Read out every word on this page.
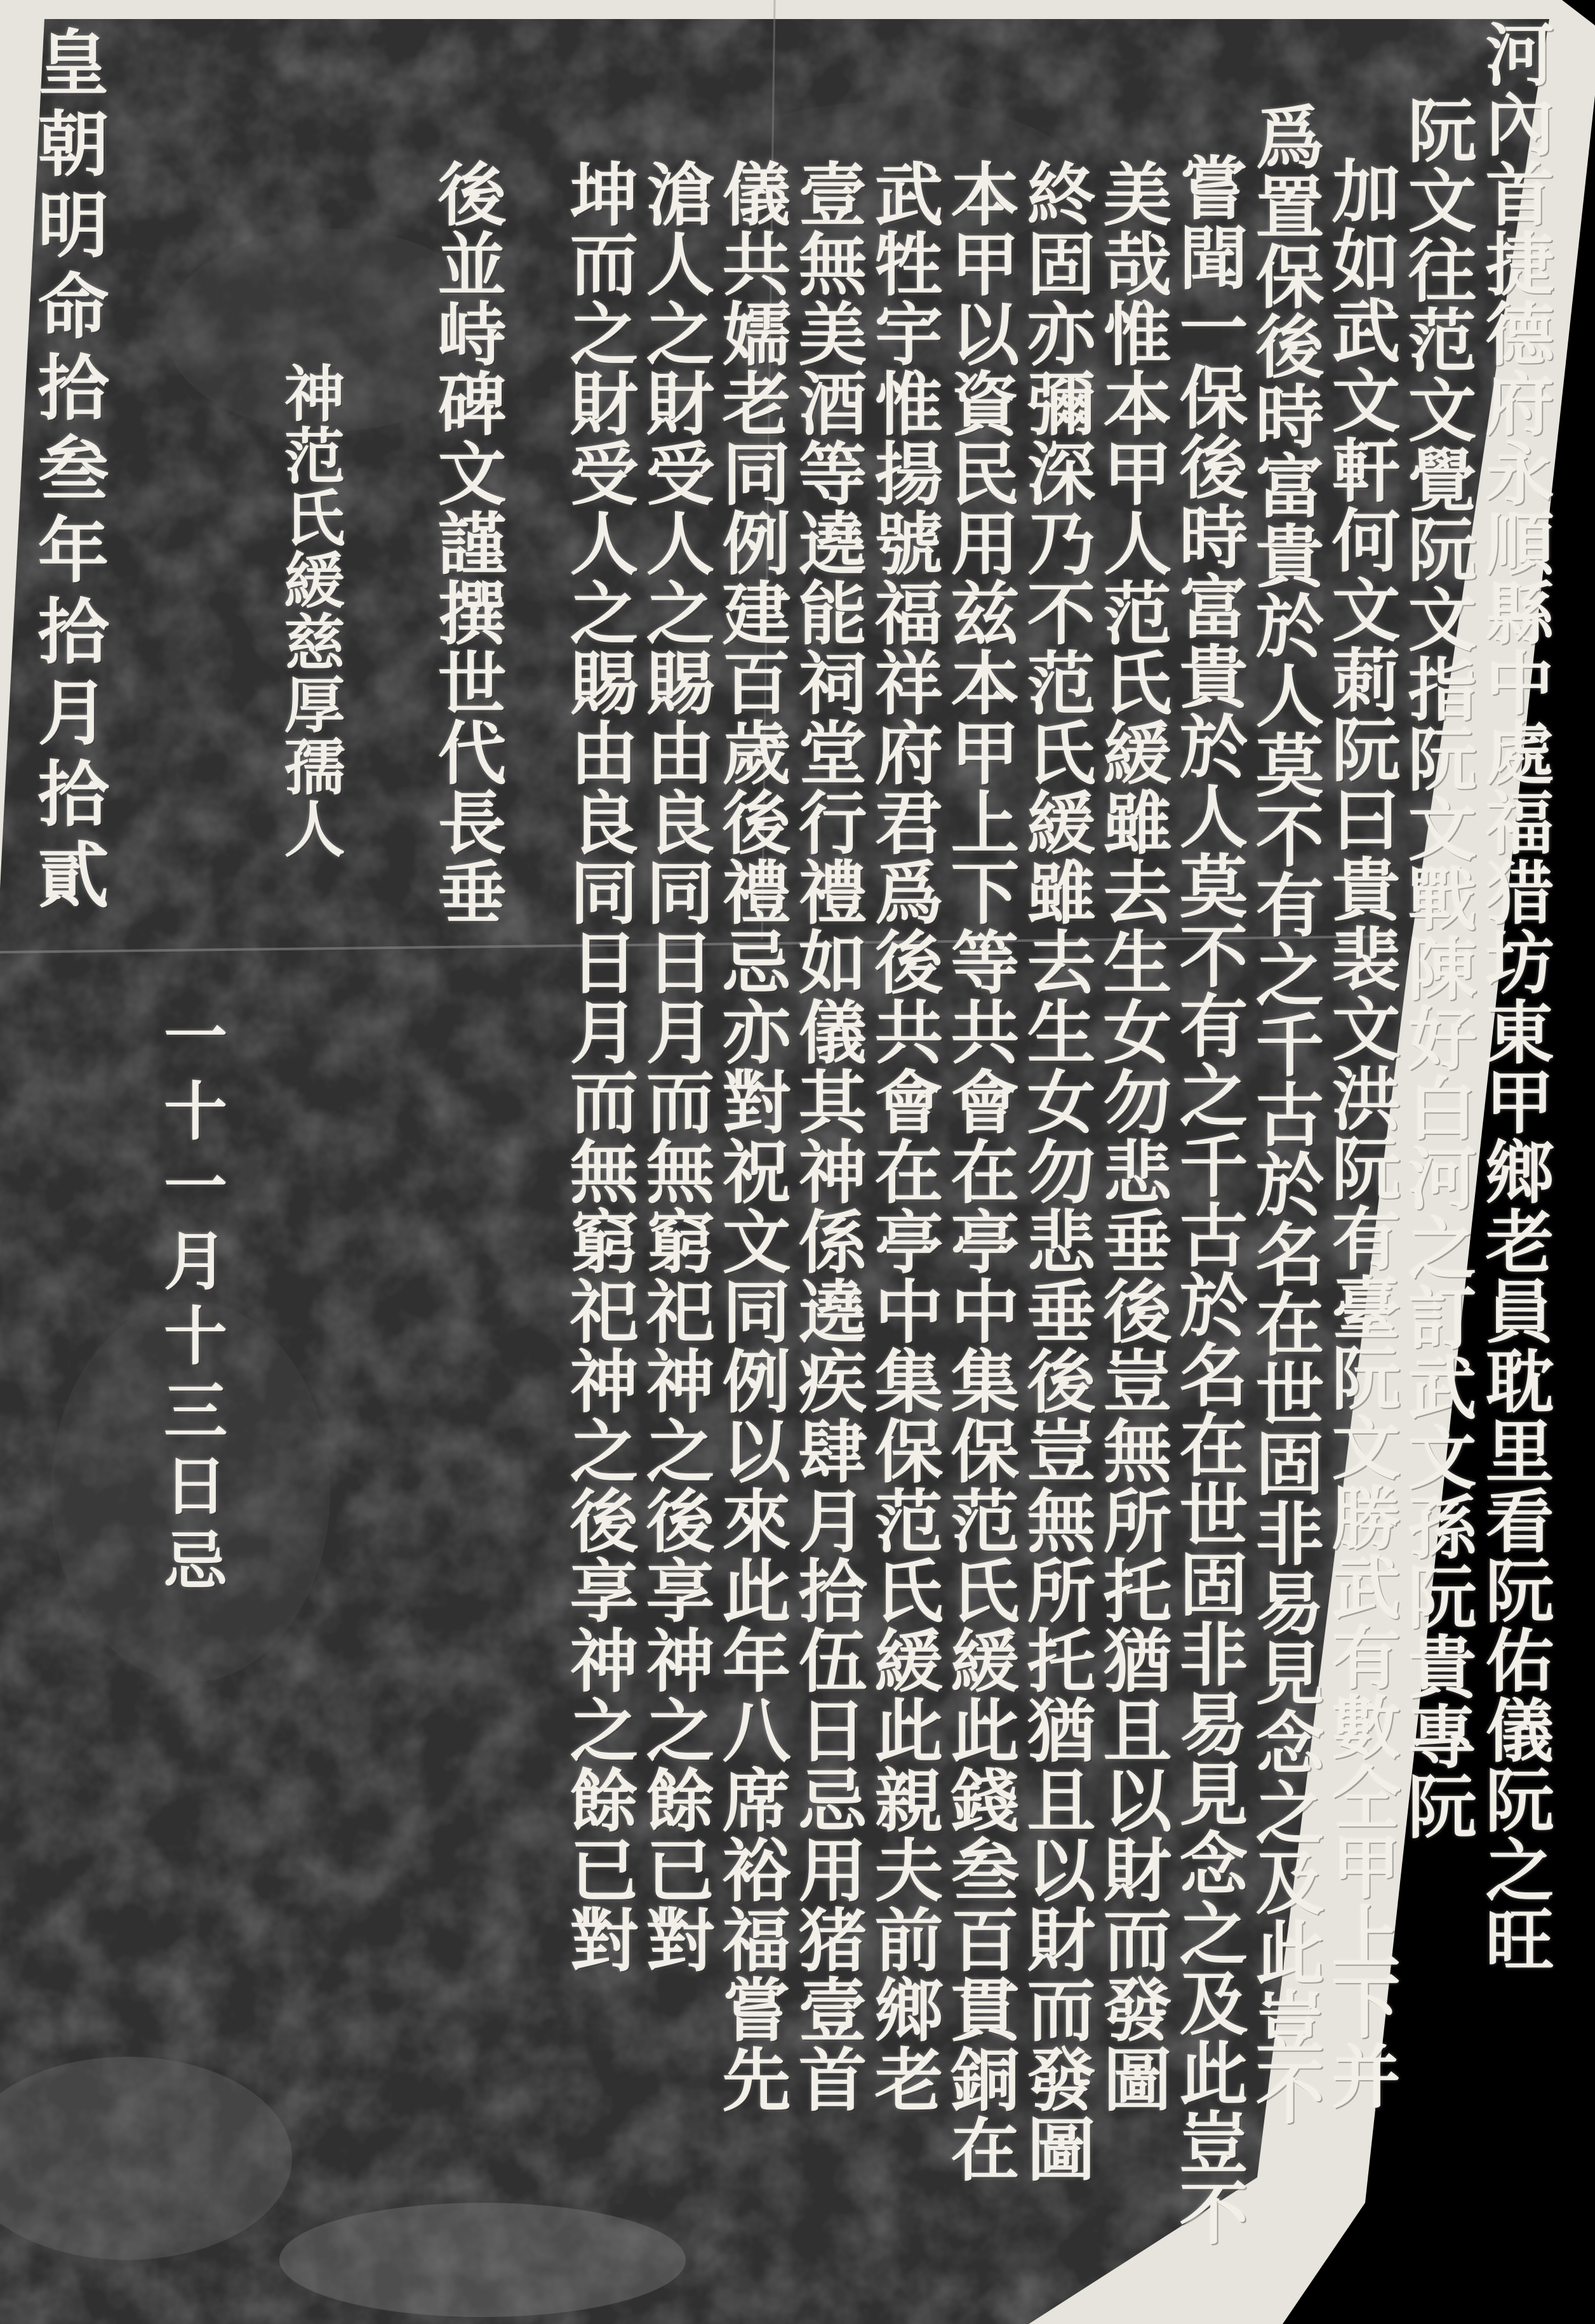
河內首捷德府永順縣中處福猎坊東甲鄉老員耽里看阮佑儀阮之旺
阮文往范文覺阮文指阮文戰陳好白河之訂武文孫阮貴專阮
加如武文軒何文莿阮曰貴裴文洪阮有臺阮文勝武有數仝甲上下并
爲置保後時富貴於人莫不有之千古於名在世固非易見念之及此豈不
嘗聞一保後時富貴於人莫不有之千古於名在世固非易見念之及此豈不
美哉惟本甲人范氏緩雖去生女勿悲垂後豈無所托猶且以財而發圖
終固亦彌深乃不范氏緩雖去生女勿悲垂後豈無所托猶且以財而發圖
本甲以資民用兹本甲上下等共會在亭中集保范氏緩此錢叁百貫銅在
武牲宇惟揚號福祥府君爲後共會在亭中集保范氏緩此親夫前鄉老
壹無美酒等遶能祠堂行禮如儀其神係遶疾肆月拾伍日忌用猪壹首
儀共嬬老同例建百歲後禮忌亦對祝文同例以來此年八席裕福嘗先
滄人之財受人之賜由良同日月而無窮祀神之後享神之餘已對
坤而之財受人之賜由良同日月而無窮祀神之後享神之餘已對
後並峙碑文謹撰世代長垂
神范氏緩慈厚孺人
一十一月十三日忌
皇朝明命拾叁年拾月拾貳
